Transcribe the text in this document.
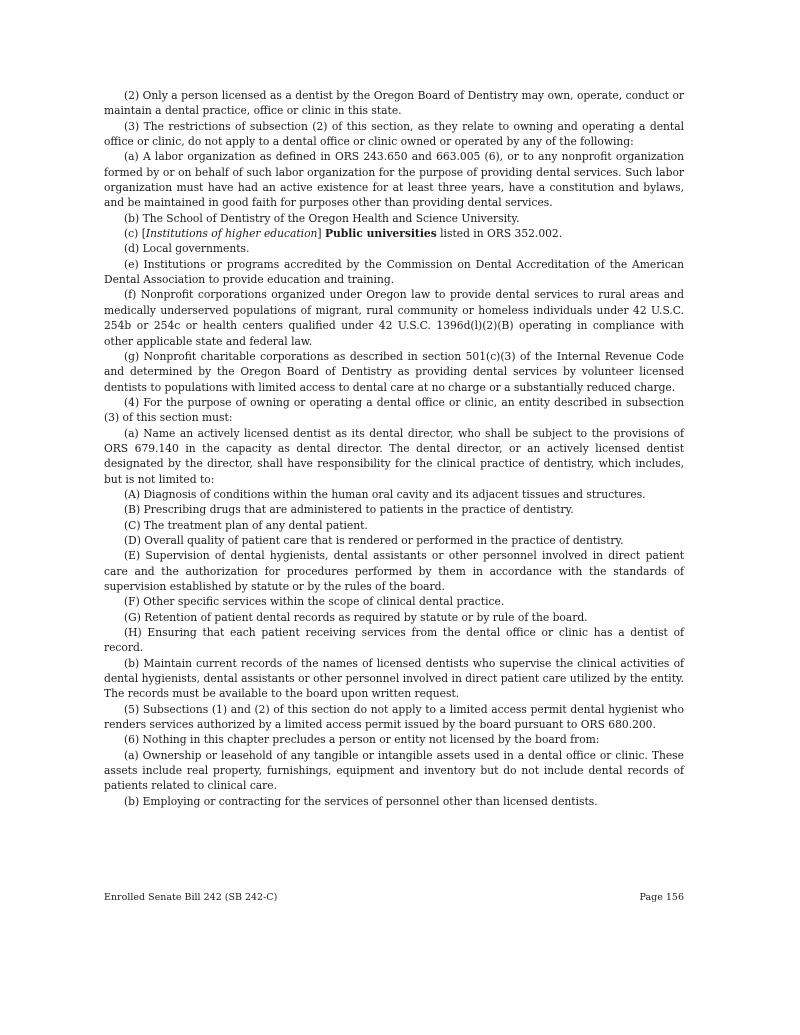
(2) Only a person licensed as a dentist by the Oregon Board of Dentistry may own, operate, conduct or maintain a dental practice, office or clinic in this state.

(3) The restrictions of subsection (2) of this section, as they relate to owning and operating a dental office or clinic, do not apply to a dental office or clinic owned or operated by any of the following:

(a) A labor organization as defined in ORS 243.650 and 663.005 (6), or to any nonprofit organization formed by or on behalf of such labor organization for the purpose of providing dental services. Such labor organization must have had an active existence for at least three years, have a constitution and bylaws, and be maintained in good faith for purposes other than providing dental services.

(b) The School of Dentistry of the Oregon Health and Science University.

(c) [Institutions of higher education] Public universities listed in ORS 352.002.

(d) Local governments.

(e) Institutions or programs accredited by the Commission on Dental Accreditation of the American Dental Association to provide education and training.

(f) Nonprofit corporations organized under Oregon law to provide dental services to rural areas and medically underserved populations of migrant, rural community or homeless individuals under 42 U.S.C. 254b or 254c or health centers qualified under 42 U.S.C. 1396d(l)(2)(B) operating in compliance with other applicable state and federal law.

(g) Nonprofit charitable corporations as described in section 501(c)(3) of the Internal Revenue Code and determined by the Oregon Board of Dentistry as providing dental services by volunteer licensed dentists to populations with limited access to dental care at no charge or a substantially reduced charge.

(4) For the purpose of owning or operating a dental office or clinic, an entity described in subsection (3) of this section must:

(a) Name an actively licensed dentist as its dental director, who shall be subject to the provisions of ORS 679.140 in the capacity as dental director. The dental director, or an actively licensed dentist designated by the director, shall have responsibility for the clinical practice of dentistry, which includes, but is not limited to:

(A) Diagnosis of conditions within the human oral cavity and its adjacent tissues and structures.

(B) Prescribing drugs that are administered to patients in the practice of dentistry.

(C) The treatment plan of any dental patient.

(D) Overall quality of patient care that is rendered or performed in the practice of dentistry.

(E) Supervision of dental hygienists, dental assistants or other personnel involved in direct patient care and the authorization for procedures performed by them in accordance with the standards of supervision established by statute or by the rules of the board.

(F) Other specific services within the scope of clinical dental practice.

(G) Retention of patient dental records as required by statute or by rule of the board.

(H) Ensuring that each patient receiving services from the dental office or clinic has a dentist of record.

(b) Maintain current records of the names of licensed dentists who supervise the clinical activities of dental hygienists, dental assistants or other personnel involved in direct patient care utilized by the entity. The records must be available to the board upon written request.

(5) Subsections (1) and (2) of this section do not apply to a limited access permit dental hygienist who renders services authorized by a limited access permit issued by the board pursuant to ORS 680.200.

(6) Nothing in this chapter precludes a person or entity not licensed by the board from:

(a) Ownership or leasehold of any tangible or intangible assets used in a dental office or clinic. These assets include real property, furnishings, equipment and inventory but do not include dental records of patients related to clinical care.

(b) Employing or contracting for the services of personnel other than licensed dentists.

Enrolled Senate Bill 242 (SB 242-C)	Page 156
